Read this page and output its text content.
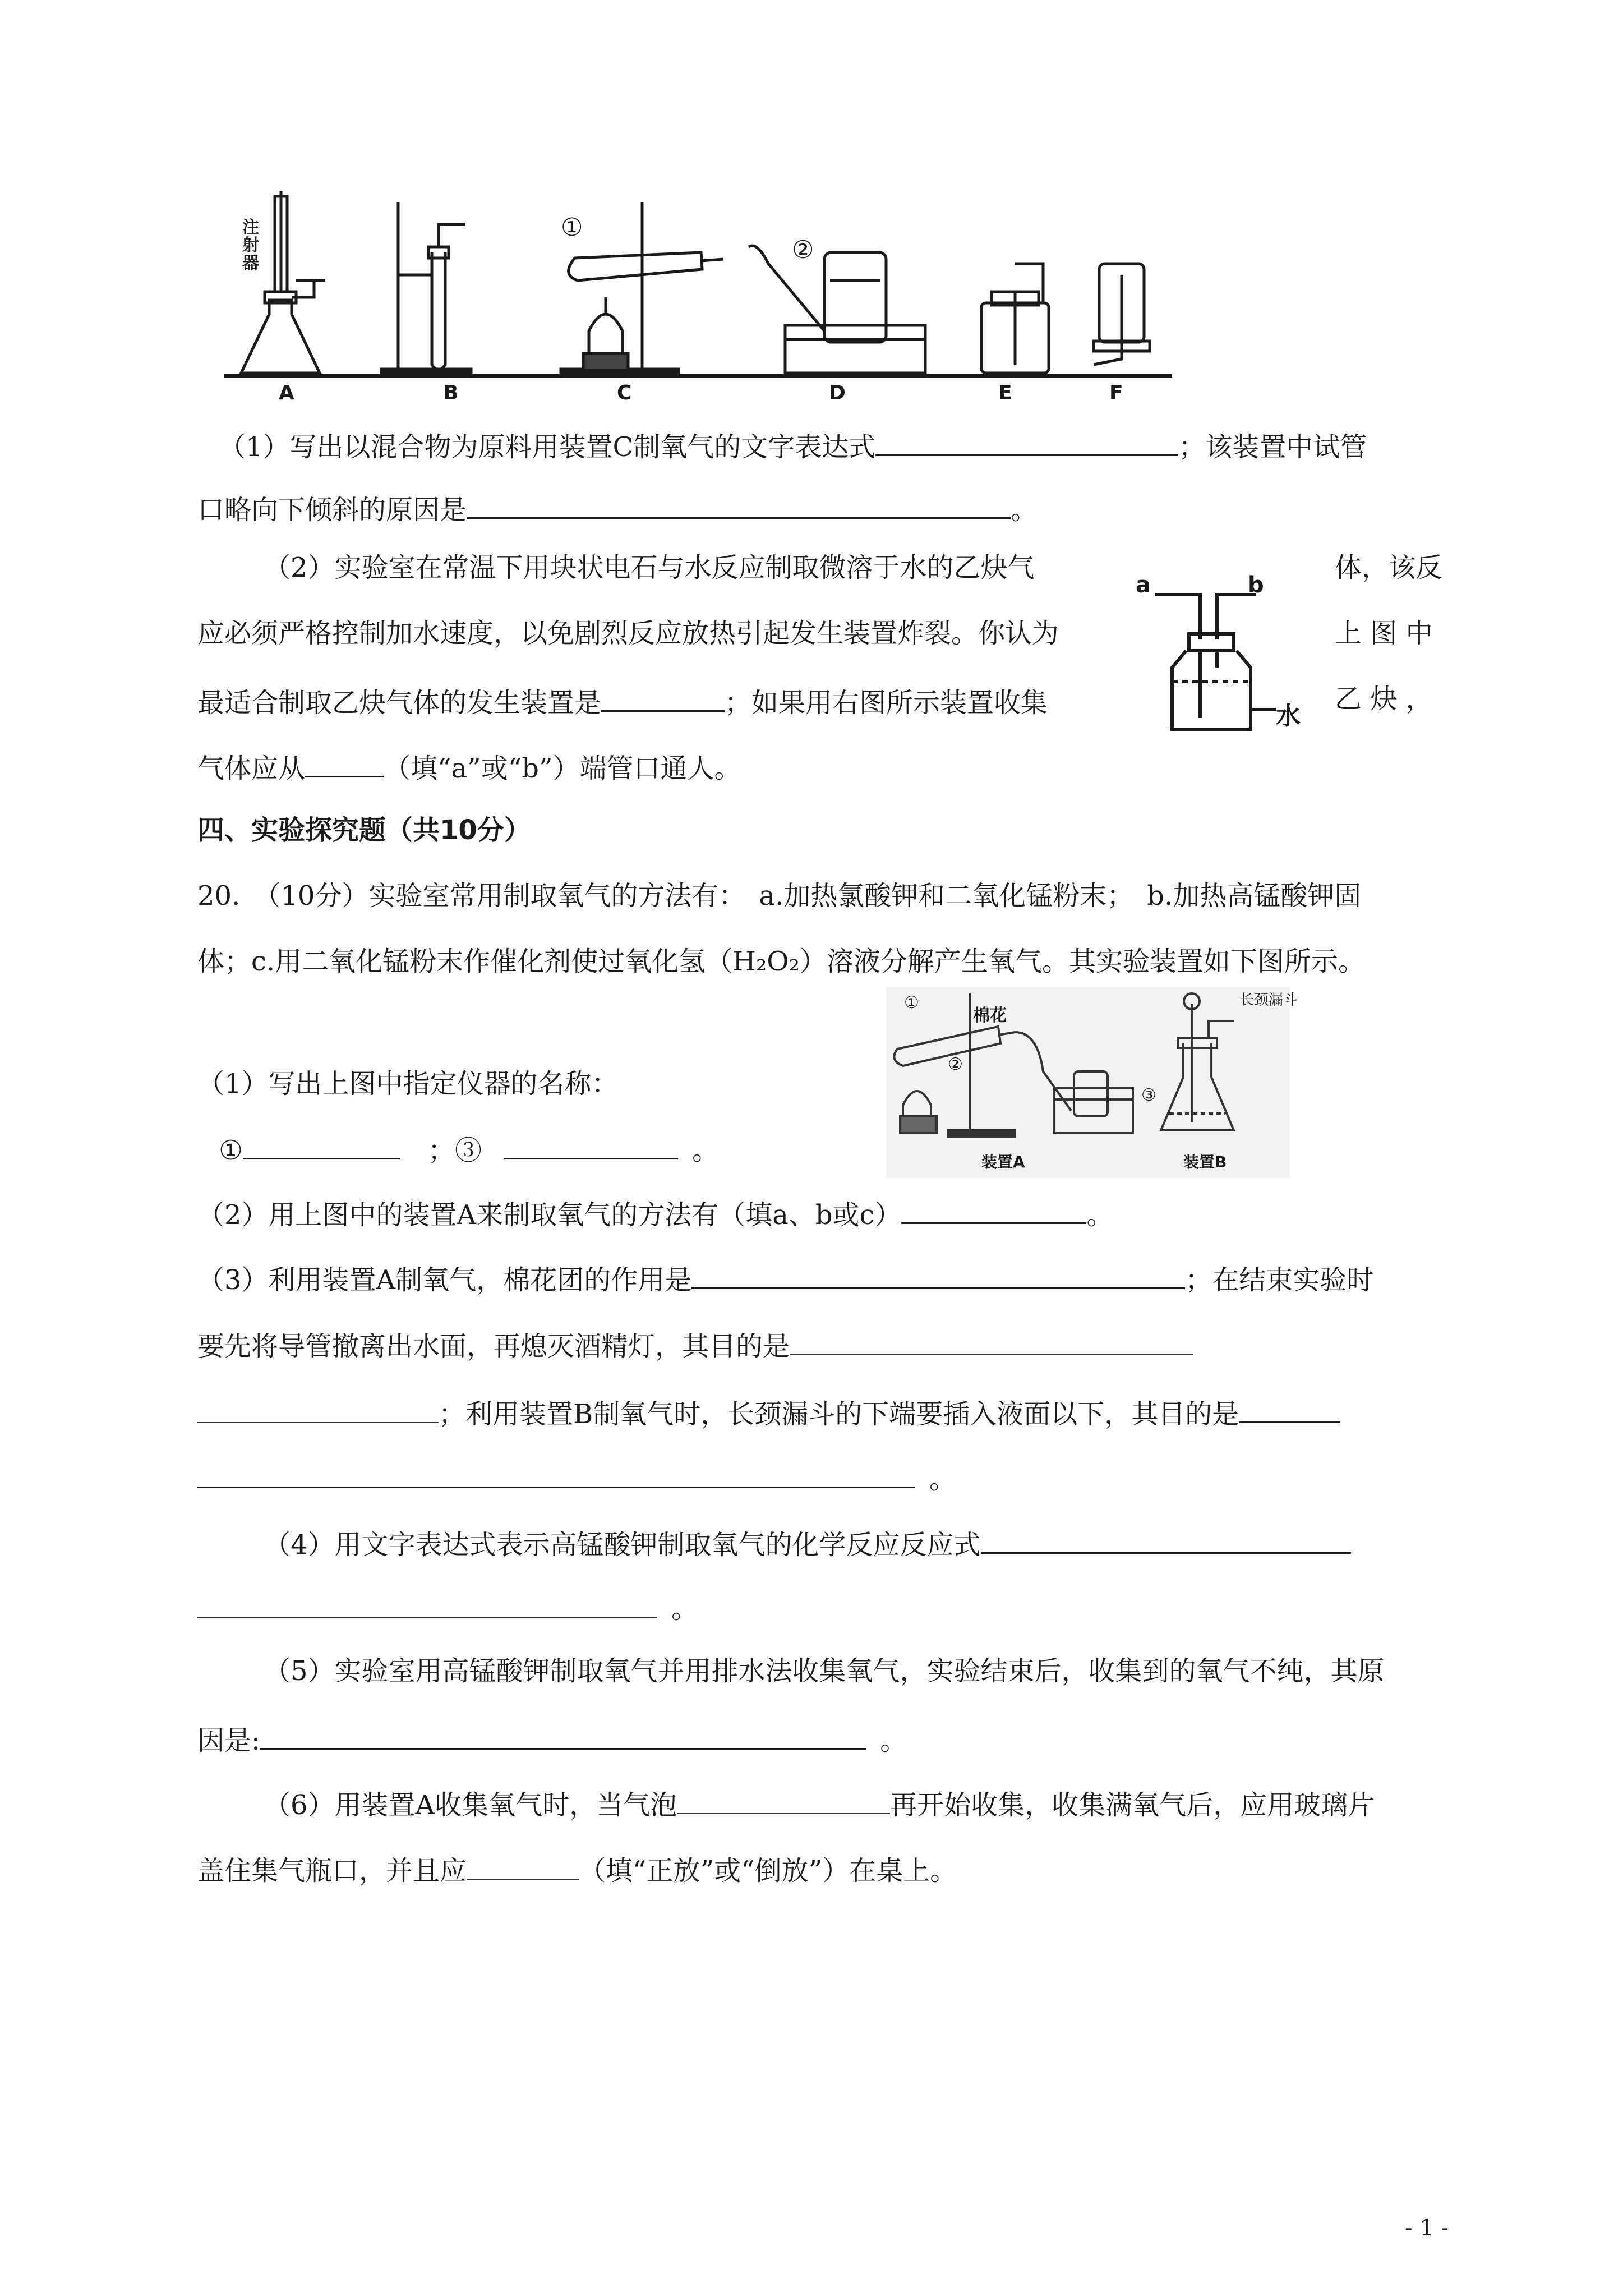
注射器
①
②
A	B	C	D	E	F
（1）写出以混合物为原料用装置C制氧气的文字表达式	；该装置中试管
口略向下倾斜的原因是	。
（2）实验室在常温下用块状电石与水反应制取微溶于水的乙炔气	体，该反
应必须严格控制加水速度，以免剧烈反应放热引起发生装置炸裂。你认为	上 图 中
最适合制取乙炔气体的发生装置是	；如果用右图所示装置收集	乙 炔 ，
气体应从	（填“a”或“b”）端管口通人。
a	b
水
四、实验探究题（共10分）
20.　（10分）实验室常用制取氧气的方法有：　a.加热氯酸钾和二氧化锰粉末；　b.加热高锰酸钾固
体；c.用二氧化锰粉末作催化剂使过氧化氢（H₂O₂）溶液分解产生氧气。其实验装置如下图所示。
①
②
③
棉花
长颈漏斗
装置A	装置B
（1）写出上图中指定仪器的名称：
①	；③	。
（2）用上图中的装置A来制取氧气的方法有（填a、b或c）	。
（3）利用装置A制氧气，棉花团的作用是	；在结束实验时
要先将导管撤离出水面，再熄灭酒精灯，其目的是
；利用装置B制氧气时，长颈漏斗的下端要插入液面以下，其目的是
。
（4）用文字表达式表示高锰酸钾制取氧气的化学反应反应式
。
（5）实验室用高锰酸钾制取氧气并用排水法收集氧气，实验结束后，收集到的氧气不纯，其原
因是:	。
（6）用装置A收集氧气时，当气泡	再开始收集，收集满氧气后，应用玻璃片
盖住集气瓶口，并且应	（填“正放”或“倒放”）在桌上。
- 1 -
